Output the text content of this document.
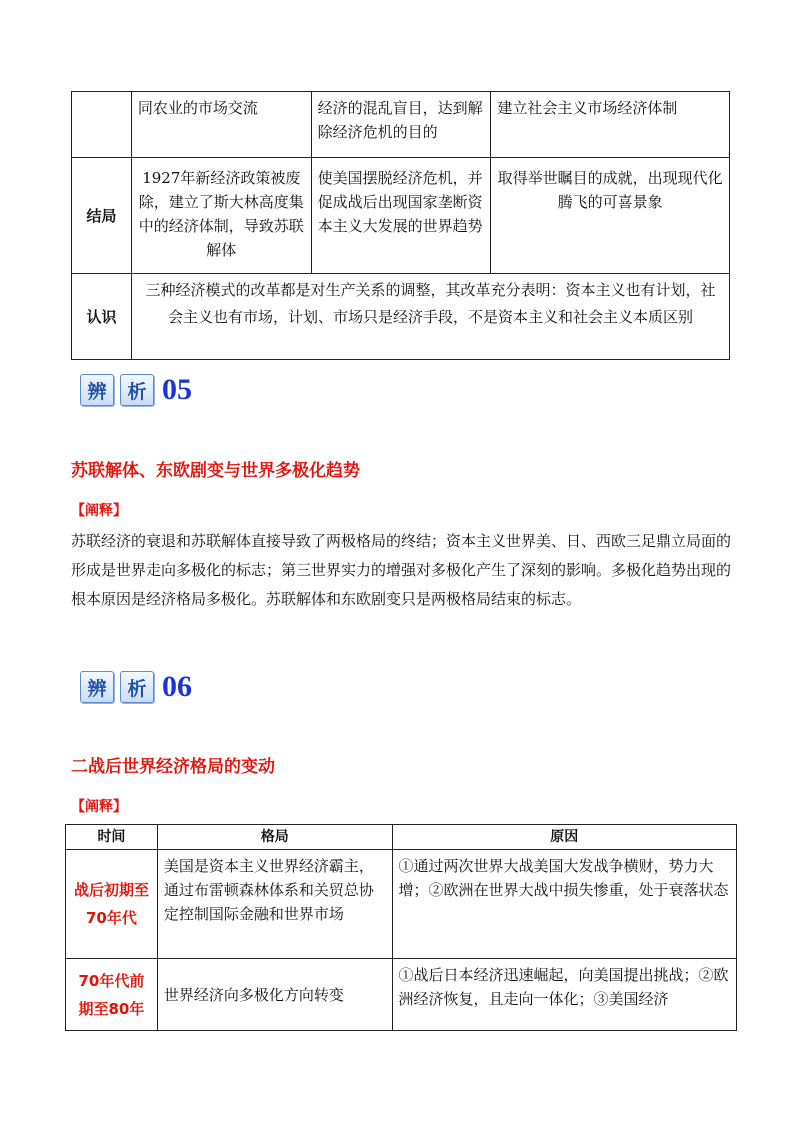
	同农业的市场交流	经济的混乱盲目，达到解除经济危机的目的	建立社会主义市场经济体制
结局	1927年新经济政策被废除，建立了斯大林高度集中的经济体制，导致苏联解体	使美国摆脱经济危机，并促成战后出现国家垄断资本主义大发展的世界趋势	取得举世瞩目的成就，出现现代化腾飞的可喜景象
认识	三种经济模式的改革都是对生产关系的调整，其改革充分表明：资本主义也有计划，社会主义也有市场，计划、市场只是经济手段，不是资本主义和社会主义本质区别		
辨	析 05
苏联解体、东欧剧变与世界多极化趋势
【阐释】
苏联经济的衰退和苏联解体直接导致了两极格局的终结；资本主义世界美、日、西欧三足鼎立局面的形成是世界走向多极化的标志；第三世界实力的增强对多极化产生了深刻的影响。多极化趋势出现的根本原因是经济格局多极化。苏联解体和东欧剧变只是两极格局结束的标志。
辨	析 06
二战后世界经济格局的变动
【阐释】
时间	格局	原因
战后初期至70年代	美国是资本主义世界经济霸主，通过布雷顿森林体系和关贸总协定控制国际金融和世界市场	①通过两次世界大战美国大发战争横财，势力大增；②欧洲在世界大战中损失惨重，处于衰落状态
70年代前期至80年	世界经济向多极化方向转变	①战后日本经济迅速崛起，向美国提出挑战；②欧洲经济恢复，且走向一体化；③美国经济
